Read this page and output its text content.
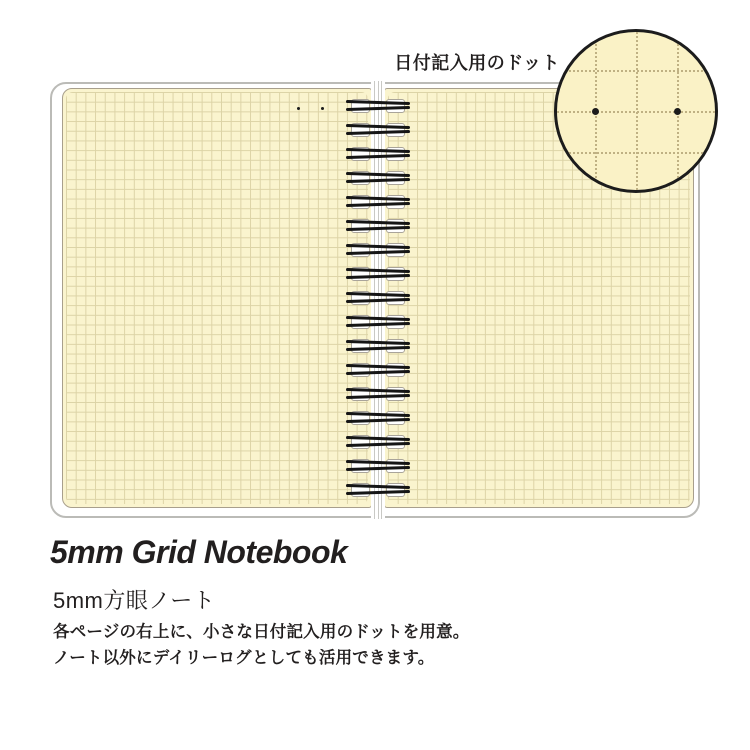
日付記入用のドット
5mm Grid Notebook
5mm方眼ノート
各ページの右上に、小さな日付記入用のドットを用意。
ノート以外にデイリーログとしても活用できます。
